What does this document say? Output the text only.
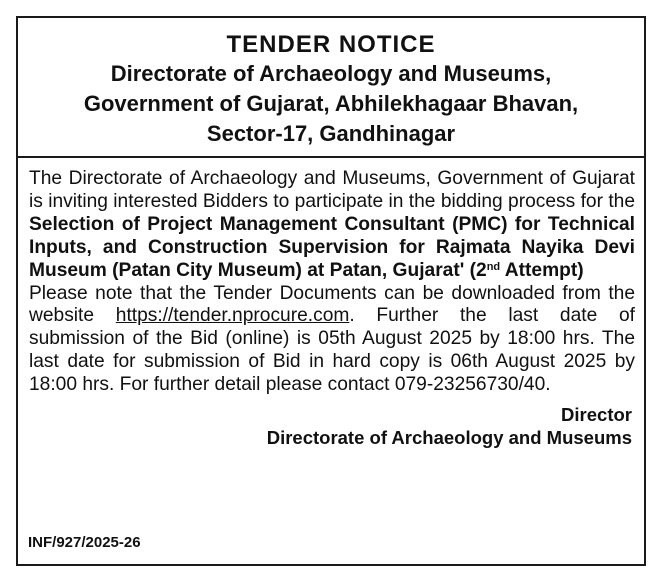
TENDER NOTICE
Directorate of Archaeology and Museums,
Government of Gujarat, Abhilekhagaar Bhavan,
Sector-17, Gandhinagar

The Directorate of Archaeology and Museums, Government of Gujarat is inviting interested Bidders to participate in the bidding process for the Selection of Project Management Consultant (PMC) for Technical Inputs, and Construction Supervision for Rajmata Nayika Devi Museum (Patan City Museum) at Patan, Gujarat' (2nd Attempt)

Please note that the Tender Documents can be downloaded from the website https://tender.nprocure.com. Further the last date of submission of the Bid (online) is 05th August 2025 by 18:00 hrs. The last date for submission of Bid in hard copy is 06th August 2025 by 18:00 hrs. For further detail please contact 079-23256730/40.

Director
Directorate of Archaeology and Museums
INF/927/2025-26
